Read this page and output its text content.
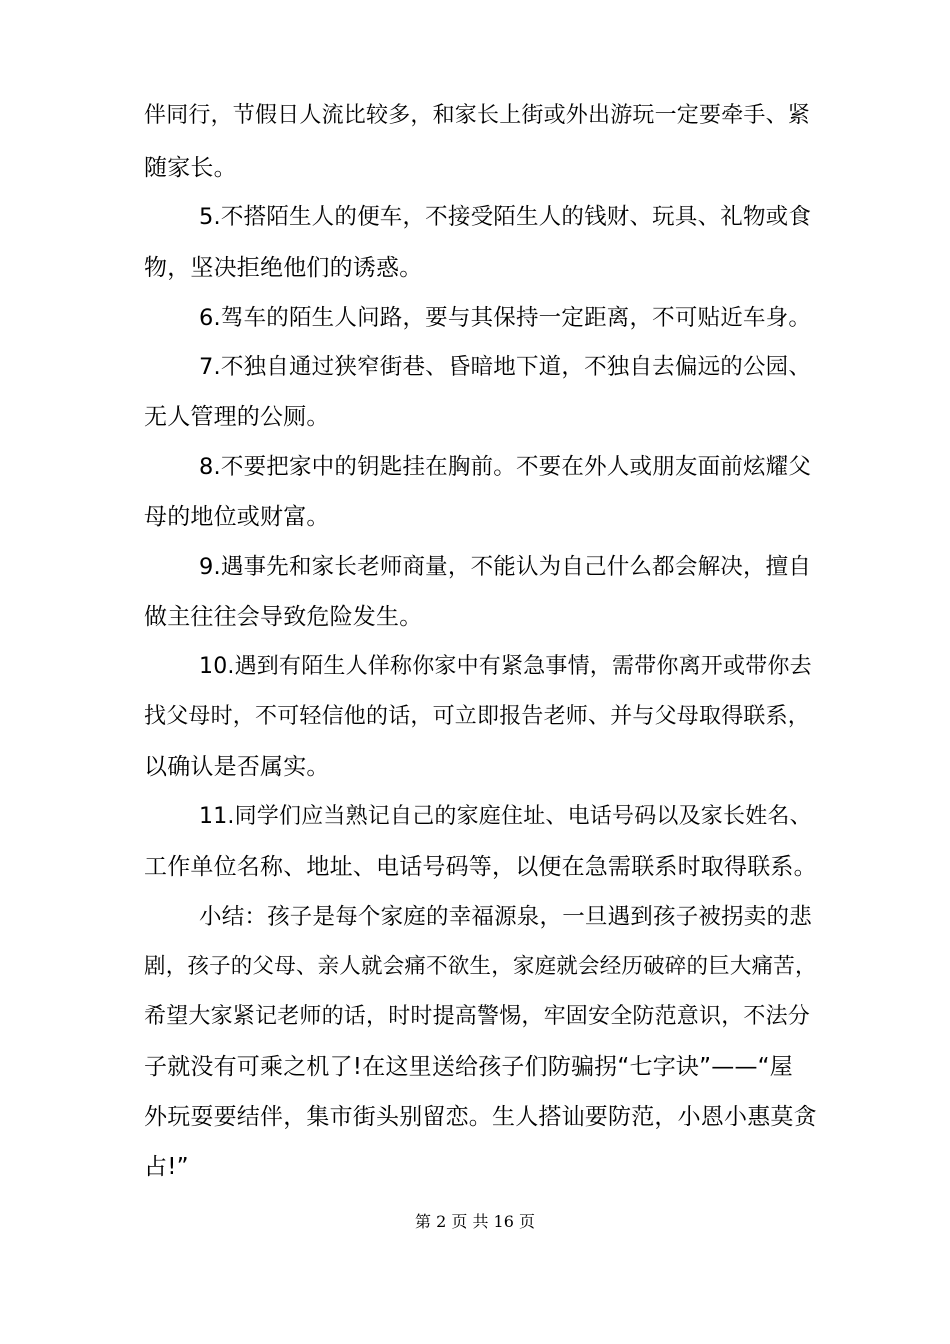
伴同行，节假日人流比较多，和家长上街或外出游玩一定要牵手、紧
随家长。
5.不搭陌生人的便车，不接受陌生人的钱财、玩具、礼物或食
物，坚决拒绝他们的诱惑。
6.驾车的陌生人问路，要与其保持一定距离，不可贴近车身。
7.不独自通过狭窄街巷、昏暗地下道，不独自去偏远的公园、
无人管理的公厕。
8.不要把家中的钥匙挂在胸前。不要在外人或朋友面前炫耀父
母的地位或财富。
9.遇事先和家长老师商量，不能认为自己什么都会解决，擅自
做主往往会导致危险发生。
10.遇到有陌生人佯称你家中有紧急事情，需带你离开或带你去
找父母时，不可轻信他的话，可立即报告老师、并与父母取得联系，
以确认是否属实。
11.同学们应当熟记自己的家庭住址、电话号码以及家长姓名、
工作单位名称、地址、电话号码等，以便在急需联系时取得联系。
小结：孩子是每个家庭的幸福源泉，一旦遇到孩子被拐卖的悲
剧，孩子的父母、亲人就会痛不欲生，家庭就会经历破碎的巨大痛苦，
希望大家紧记老师的话，时时提高警惕，牢固安全防范意识，不法分
子就没有可乘之机了!在这里送给孩子们防骗拐“七字诀”——“屋
外玩耍要结伴，集市街头别留恋。生人搭讪要防范，小恩小惠莫贪
占!”
第 2 页 共 16 页
